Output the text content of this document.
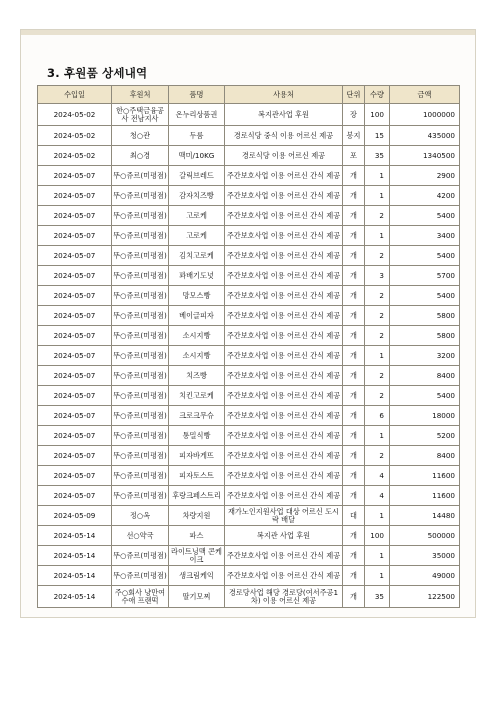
3. 후원품 상세내역
수입일	후원처	품명	사용처	단위	수량	금액
2024-05-02	한○주택금융공사 전남지사	온누리상품권	복지관사업 후원	장	100	1000000
2024-05-02	청○관	두룸	경로식당 중식 이용 어르신 제공	봉지	15	435000
2024-05-02	최○경	맥미/10KG	경로식당 이용 어르신 제공	포	35	1340500
2024-05-07	뚜○쥬르(미평점)	갈릭브레드	주간보호사업 이용 어르신 간식 제공	개	1	2900
2024-05-07	뚜○쥬르(미평점)	감자치즈빵	주간보호사업 이용 어르신 간식 제공	개	1	4200
2024-05-07	뚜○쥬르(미평점)	고로케	주간보호사업 이용 어르신 간식 제공	개	2	5400
2024-05-07	뚜○쥬르(미평점)	고로케	주간보호사업 이용 어르신 간식 제공	개	1	3400
2024-05-07	뚜○쥬르(미평점)	김치고로케	주간보호사업 이용 어르신 간식 제공	개	2	5400
2024-05-07	뚜○쥬르(미평점)	꽈배기도넛	주간보호사업 이용 어르신 간식 제공	개	3	5700
2024-05-07	뚜○쥬르(미평점)	망모스빵	주간보호사업 이용 어르신 간식 제공	개	2	5400
2024-05-07	뚜○쥬르(미평점)	베이글피자	주간보호사업 이용 어르신 간식 제공	개	2	5800
2024-05-07	뚜○쥬르(미평점)	소시지빵	주간보호사업 이용 어르신 간식 제공	개	2	5800
2024-05-07	뚜○쥬르(미평점)	소시지빵	주간보호사업 이용 어르신 간식 제공	개	1	3200
2024-05-07	뚜○쥬르(미평점)	치즈빵	주간보호사업 이용 어르신 간식 제공	개	2	8400
2024-05-07	뚜○쥬르(미평점)	치킨고로케	주간보호사업 이용 어르신 간식 제공	개	2	5400
2024-05-07	뚜○쥬르(미평점)	크로크무슈	주간보호사업 이용 어르신 간식 제공	개	6	18000
2024-05-07	뚜○쥬르(미평점)	통밀식빵	주간보호사업 이용 어르신 간식 제공	개	1	5200
2024-05-07	뚜○쥬르(미평점)	피자바게뜨	주간보호사업 이용 어르신 간식 제공	개	2	8400
2024-05-07	뚜○쥬르(미평점)	피자토스트	주간보호사업 이용 어르신 간식 제공	개	4	11600
2024-05-07	뚜○쥬르(미평점)	후랑크페스트리	주간보호사업 이용 어르신 간식 제공	개	4	11600
2024-05-09	정○옥	차량지원	재가노인지원사업 대상 어르신 도시락 배달	대	1	14480
2024-05-14	선○약국	파스	복지관 사업 후원	개	100	500000
2024-05-14	뚜○쥬르(미평점)	라이트닝맥 콘케이크	주간보호사업 이용 어르신 간식 제공	개	1	35000
2024-05-14	뚜○쥬르(미평점)	생크림케익	주간보호사업 이용 어르신 간식 제공	개	1	49000
2024-05-14	주○회사 냥만여수애 프랜떡	딸기모찌	경로당사업 해당 경로당(여서주공1차) 이용 어르신 제공	개	35	122500
